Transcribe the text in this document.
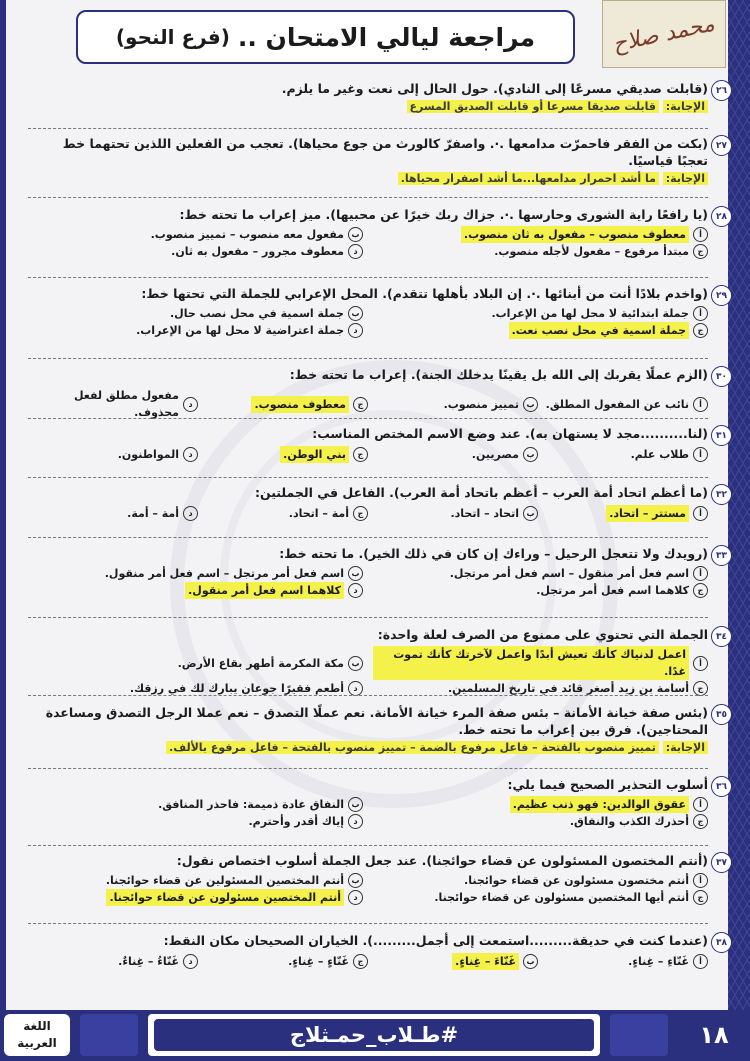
مراجعة ليالي الامتحان ..
(فرع النحو)	محمد صلاح
٢٦
(قابلت صديقي مسرعًا إلى النادي). حول الحال إلى نعت وغير ما يلزم.
الإجابة: قابلت صديقا مسرعا أو قابلت الصديق المسرع
٢٧
(بكت من الفقر فاحمرّت مدامعها .·. واصفرّ كالورث من جوع محياها). تعجب من الفعلين اللذين تحتهما خط تعجبًا قياسيًا.
الإجابة: ما أشد احمرار مدامعها...ما أشد اصفرار محياها.
٢٨
(يا رافعًا راية الشورى وحارسها .·. جزاك ربك خيرًا عن محبيها). ميز إعراب ما تحته خط:
أ
معطوف منصوب – مفعول به ثان منصوب.
ب
مفعول معه منصوب – تمييز منصوب.
ج
مبتدأ مرفوع – مفعول لأجله منصوب.
د
معطوف مجرور – مفعول به ثان.
٢٩
(واخدم بلادًا أنت من أبنائها .·. إن البلاد بأهلها تتقدم). المحل الإعرابي للجملة التي تحتها خط:
أ
جملة ابتدائية لا محل لها من الإعراب.
ب
جملة اسمية في محل نصب حال.
ج
جملة اسمية في محل نصب نعت.
د
جملة اعتراضية لا محل لها من الإعراب.
٣٠
(الزم عملًا يقربك إلى الله بل يقينًا يدخلك الجنة). إعراب ما تحته خط:
أ
نائب عن المفعول المطلق.
ب
تمييز منصوب.
ج
معطوف منصوب.
د
مفعول مطلق لفعل محذوف.
٣١
(لنا..........مجد لا يستهان به). عند وضع الاسم المختص المناسب:
أ
طلاب علم.
ب
مصريين.
ج
بني الوطن.
د
المواطنون.
٣٢
(ما أعظم اتحاد أمة العرب – أعظم باتحاد أمة العرب). الفاعل في الجملتين:
أ
مستتر – اتحاد.
ب
اتحاد – اتحاد.
ج
أمة – اتحاد.
د
أمة – أمة.
٣٣
(رويدك ولا تتعجل الرحيل – وراءك إن كان في ذلك الخير). ما تحته خط:
أ
اسم فعل أمر منقول – اسم فعل أمر مرتجل.
ب
اسم فعل أمر مرتجل – اسم فعل أمر منقول.
ج
كلاهما اسم فعل أمر مرتجل.
د
كلاهما اسم فعل أمر منقول.
٣٤
الجملة التي تحتوي على ممنوع من الصرف لعلة واحدة:
أ
اعمل لدنياك كأنك تعيش أبدًا واعمل لآخرتك كأنك تموت غدًا.
ب
مكة المكرمة أطهر بقاع الأرض.
ج
أسامة بن زيد أصغر قائد في تاريخ المسلمين.
د
أطعم فقيرًا جوعان يبارك لك في رزقك.
٣٥
(بئس صفة خيانة الأمانة – بئس صفة المرء خيانة الأمانة. نعم عملًا التصدق – نعم عملا الرجل التصدق ومساعدة المحتاجين). فرق بين إعراب ما تحته خط.
الإجابة: تمييز منصوب بالفتحة – فاعل مرفوع بالضمة – تمييز منصوب بالفتحة – فاعل مرفوع بالألف.
٣٦
أسلوب التحذير الصحيح فيما يلي:
أ
عقوق الوالدين: فهو ذنب عظيم.
ب
النفاق عادة ذميمة: فاحذر المنافق.
ج
أحذرك الكذب والنفاق.
د
إياك أقدر وأحترم.
٣٧
(أنتم المختصون المسئولون عن قضاء حوائجنا). عند جعل الجملة أسلوب اختصاص نقول:
أ
أنتم مختصون مسئولون عن قضاء حوائجنا.
ب
أنتم المختصين المسئولين عن قضاء حوائجنا.
ج
أنتم أيها المختصين مسئولون عن قضاء حوائجنا.
د
أنتم المختصين مسئولون عن قضاء حوائجنا.
٣٨
(عندما كنت في حديقة.........استمعت إلى أجمل.........). الخياران الصحيحان مكان النقط:
أ
غَنّاءِ – غِناءٍ.
ب
غَنّاءَ – غِناءٍ.
ج
غَنّاءٍ – غِناءٍ.
د
غَنّاءُ – غِناءٌ.
اللغة
العربية	#طـلاب_حمـثلاج	١٨
